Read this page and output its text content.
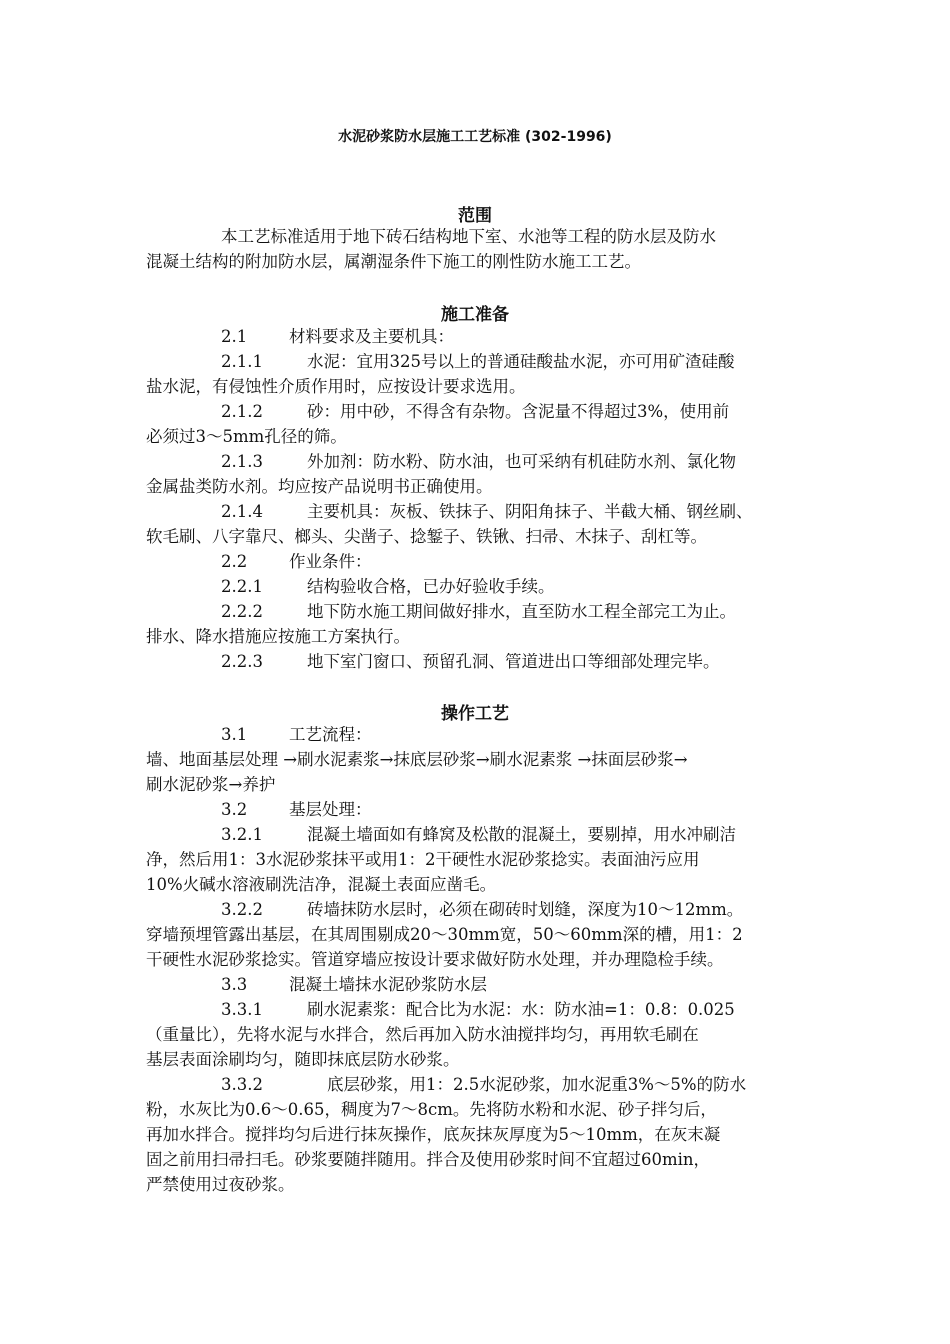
水泥砂浆防水层施工工艺标准 (302-1996)
范围
本工艺标准适用于地下砖石结构地下室、水池等工程的防水层及防水
混凝土结构的附加防水层，属潮湿条件下施工的刚性防水施工工艺。
施工准备
2.1	材料要求及主要机具：
2.1.1	水泥：宜用325号以上的普通硅酸盐水泥，亦可用矿渣硅酸
盐水泥，有侵蚀性介质作用时，应按设计要求选用。
2.1.2	砂：用中砂，不得含有杂物。含泥量不得超过3%，使用前
必须过3～5mm孔径的筛。
2.1.3	外加剂：防水粉、防水油，也可采纳有机硅防水剂、氯化物
金属盐类防水剂。均应按产品说明书正确使用。
2.1.4	主要机具：灰板、铁抹子、阴阳角抹子、半截大桶、钢丝刷、
软毛刷、八字靠尺、榔头、尖凿子、捻錾子、铁锹、扫帚、木抹子、刮杠等。
2.2	作业条件：
2.2.1	结构验收合格，已办好验收手续。
2.2.2	地下防水施工期间做好排水，直至防水工程全部完工为止。
排水、降水措施应按施工方案执行。
2.2.3	地下室门窗口、预留孔洞、管道进出口等细部处理完毕。
操作工艺
3.1	工艺流程：
墙、地面基层处理 →刷水泥素浆→抹底层砂浆→刷水泥素浆 →抹面层砂浆→
刷水泥砂浆→养护
3.2	基层处理：
3.2.1	混凝土墙面如有蜂窝及松散的混凝土，要剔掉，用水冲刷洁
净，然后用1：3水泥砂浆抹平或用1：2干硬性水泥砂浆捻实。表面油污应用
10%火碱水溶液刷洗洁净，混凝土表面应凿毛。
3.2.2	砖墙抹防水层时，必须在砌砖时划缝，深度为10～12mm。
穿墙预埋管露出基层，在其周围剔成20～30mm宽，50～60mm深的槽，用1：2
干硬性水泥砂浆捻实。管道穿墙应按设计要求做好防水处理，并办理隐检手续。
3.3	混凝土墙抹水泥砂浆防水层
3.3.1	刷水泥素浆：配合比为水泥：水：防水油=1：0.8：0.025
（重量比），先将水泥与水拌合，然后再加入防水油搅拌均匀，再用软毛刷在
基层表面涂刷均匀，随即抹底层防水砂浆。
3.3.2	底层砂浆，用1：2.5水泥砂浆，加水泥重3%～5%的防水
粉，水灰比为0.6～0.65，稠度为7～8cm。先将防水粉和水泥、砂子拌匀后，
再加水拌合。搅拌均匀后进行抹灰操作，底灰抹灰厚度为5～10mm，在灰末凝
固之前用扫帚扫毛。砂浆要随拌随用。拌合及使用砂浆时间不宜超过60min，
严禁使用过夜砂浆。
